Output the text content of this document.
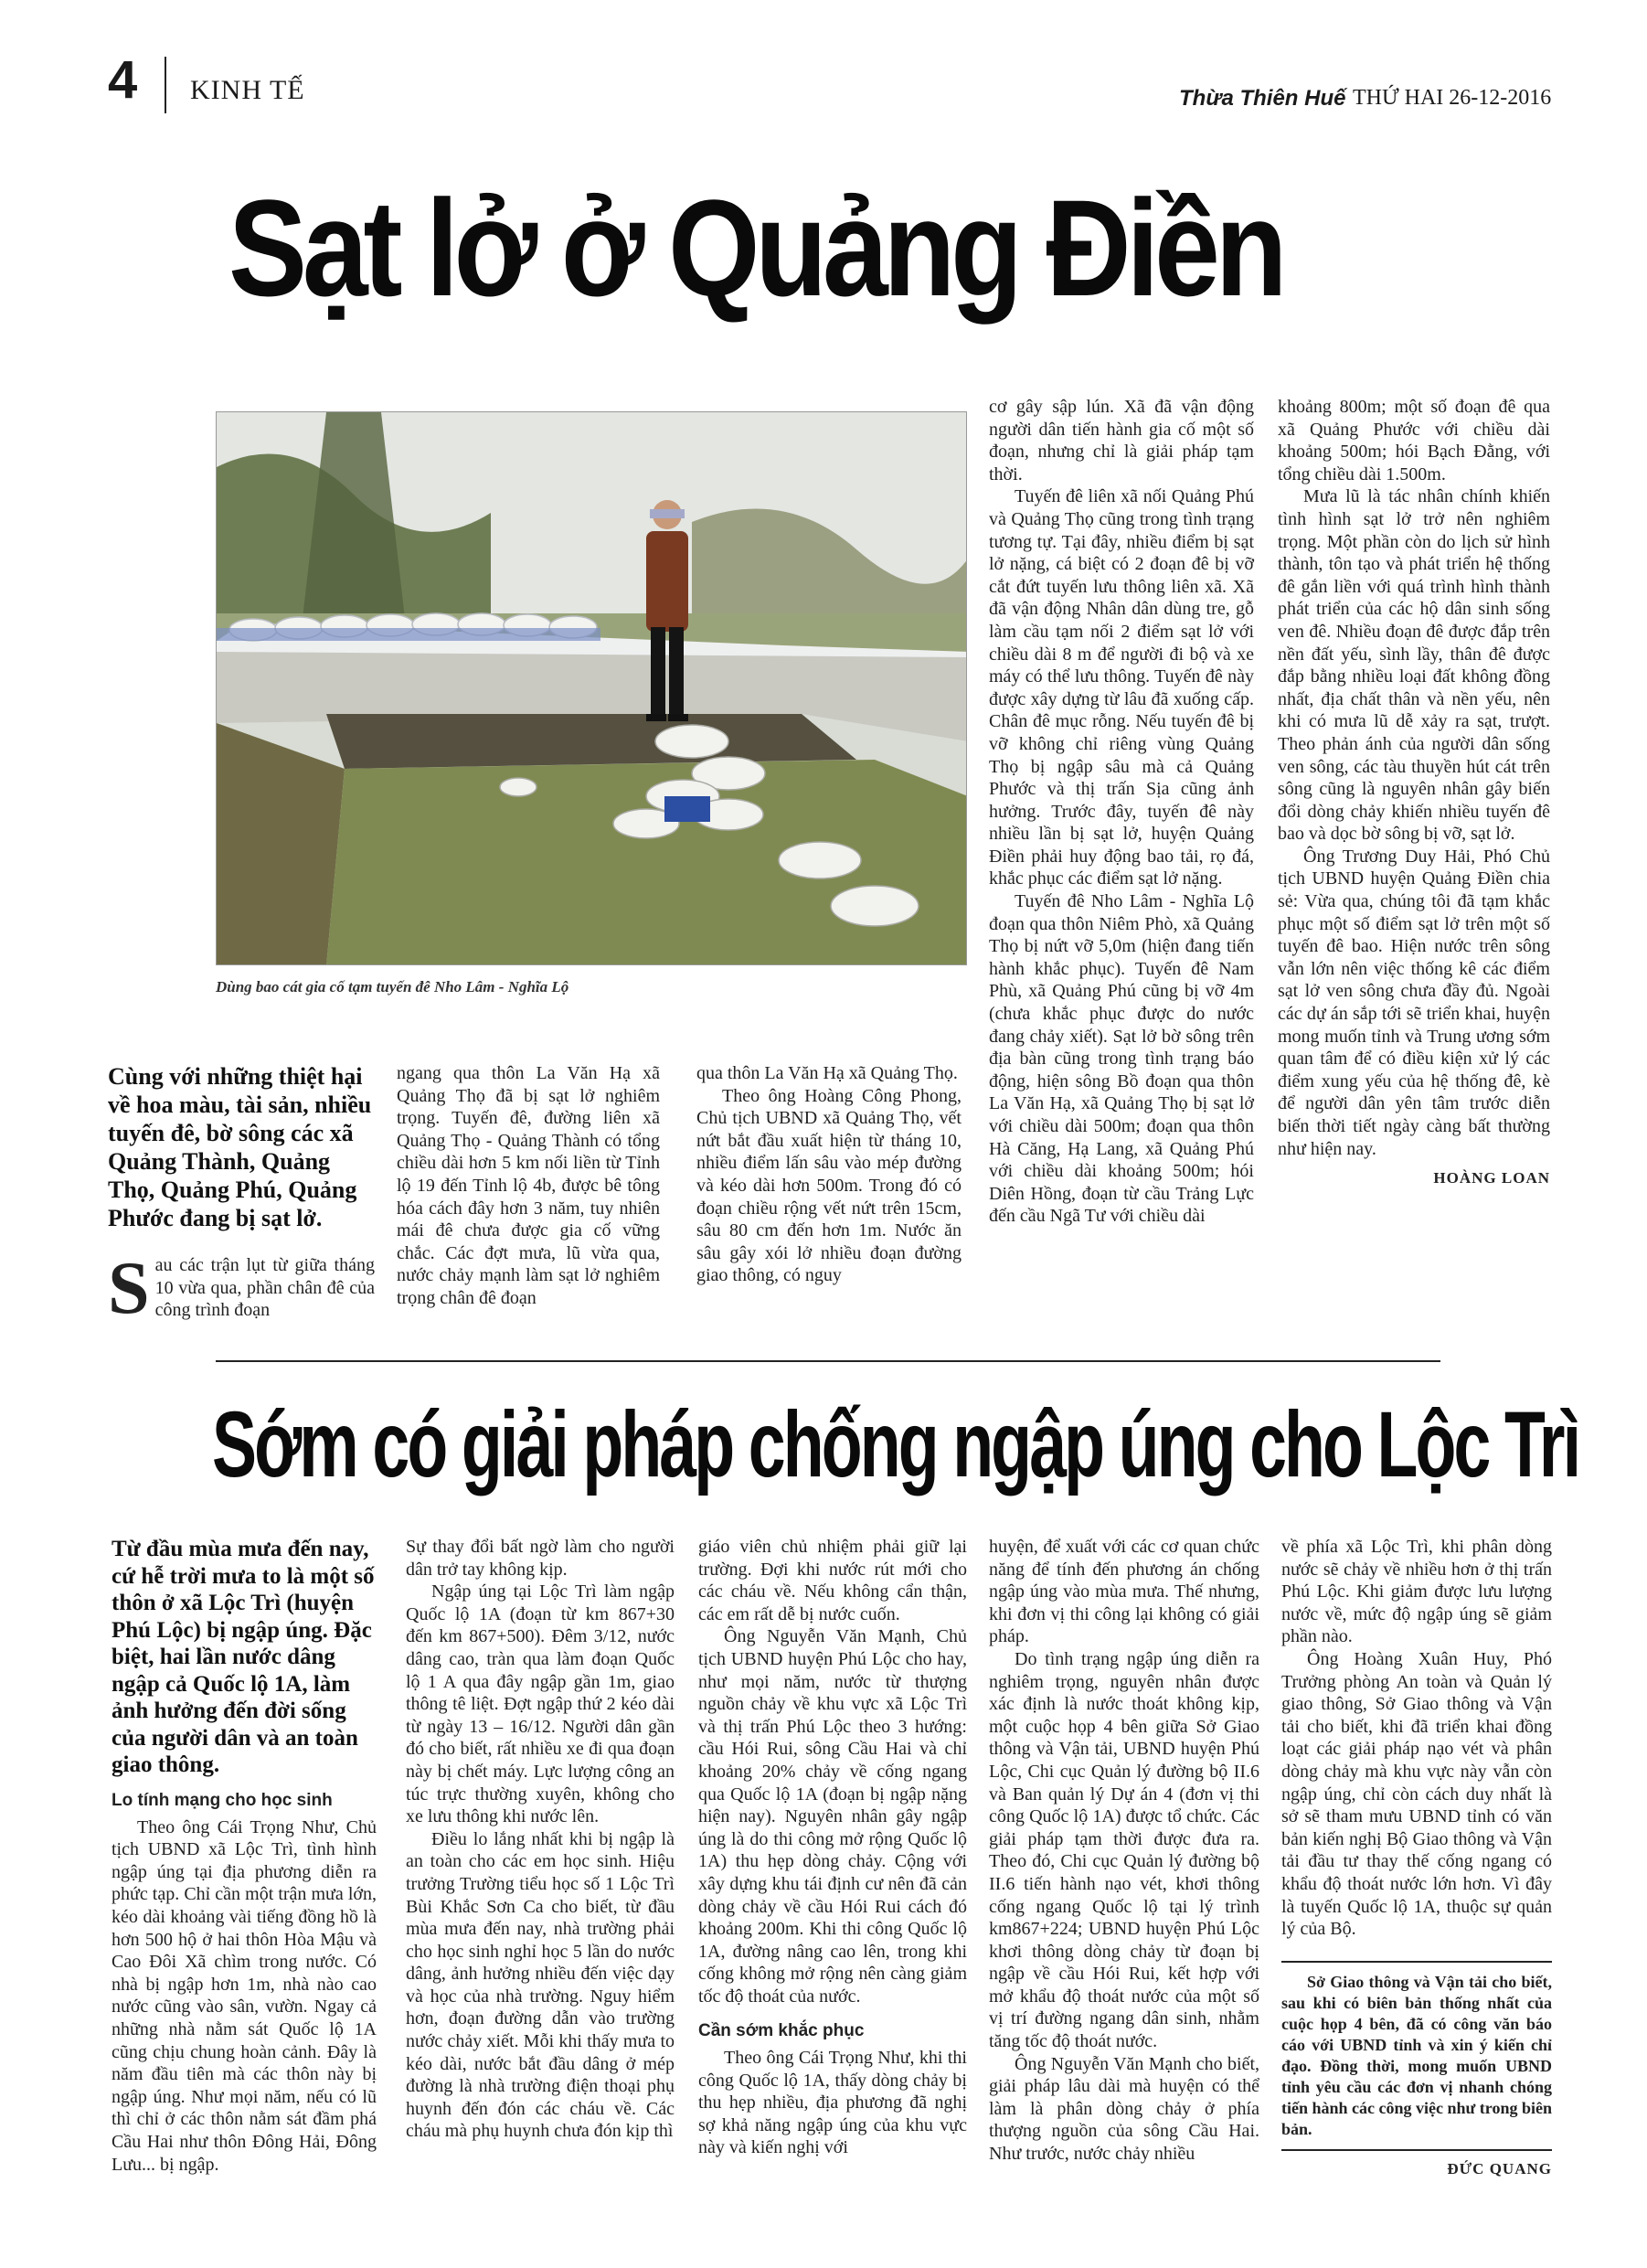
4 KINH TẾ	Thừa Thiên Huế THỨ HAI 26-12-2016
Sạt lở ở Quảng Điền
Dùng bao cát gia cố tạm tuyến đê Nho Lâm - Nghĩa Lộ
Cùng với những thiệt hại về hoa màu, tài sản, nhiều tuyến đê, bờ sông các xã Quảng Thành, Quảng Thọ, Quảng Phú, Quảng Phước đang bị sạt lở.

Sau các trận lụt từ giữa tháng 10 vừa qua, phần chân đê của công trình đoạn

ngang qua thôn La Văn Hạ xã Quảng Thọ đã bị sạt lở nghiêm trọng. Tuyến đê, đường liên xã Quảng Thọ - Quảng Thành có tổng chiều dài hơn 5 km nối liền từ Tỉnh lộ 19 đến Tỉnh lộ 4b, được bê tông hóa cách đây hơn 3 năm, tuy nhiên mái đê chưa được gia cố vững chắc. Các đợt mưa, lũ vừa qua, nước chảy mạnh làm sạt lở nghiêm trọng chân đê đoạn

qua thôn La Văn Hạ xã Quảng Thọ.

Theo ông Hoàng Công Phong, Chủ tịch UBND xã Quảng Thọ, vết nứt bắt đầu xuất hiện từ tháng 10, nhiều điểm lấn sâu vào mép đường và kéo dài hơn 500m. Trong đó có đoạn chiều rộng vết nứt trên 15cm, sâu 80 cm đến hơn 1m. Nước ăn sâu gây xói lở nhiều đoạn đường giao thông, có nguy

cơ gây sập lún. Xã đã vận động người dân tiến hành gia cố một số đoạn, nhưng chỉ là giải pháp tạm thời.

Tuyến đê liên xã nối Quảng Phú và Quảng Thọ cũng trong tình trạng tương tự. Tại đây, nhiều điểm bị sạt lở nặng, cá biệt có 2 đoạn đê bị vỡ cắt đứt tuyến lưu thông liên xã. Xã đã vận động Nhân dân dùng tre, gỗ làm cầu tạm nối 2 điểm sạt lở với chiều dài 8 m để người đi bộ và xe máy có thể lưu thông. Tuyến đê này được xây dựng từ lâu đã xuống cấp. Chân đê mục rỗng. Nếu tuyến đê bị vỡ không chỉ riêng vùng Quảng Thọ bị ngập sâu mà cả Quảng Phước và thị trấn Sịa cũng ảnh hưởng. Trước đây, tuyến đê này nhiều lần bị sạt lở, huyện Quảng Điền phải huy động bao tải, rọ đá, khắc phục các điểm sạt lở nặng.

Tuyến đê Nho Lâm - Nghĩa Lộ đoạn qua thôn Niêm Phò, xã Quảng Thọ bị nứt vỡ 5,0m (hiện đang tiến hành khắc phục). Tuyến đê Nam Phù, xã Quảng Phú cũng bị vỡ 4m (chưa khắc phục được do nước đang chảy xiết). Sạt lở bờ sông trên địa bàn cũng trong tình trạng báo động, hiện sông Bồ đoạn qua thôn La Văn Hạ, xã Quảng Thọ bị sạt lở với chiều dài 500m; đoạn qua thôn Hà Căng, Hạ Lang, xã Quảng Phú với chiều dài khoảng 500m; hói Diên Hồng, đoạn từ cầu Trảng Lực đến cầu Ngã Tư với chiều dài

khoảng 800m; một số đoạn đê qua xã Quảng Phước với chiều dài khoảng 500m; hói Bạch Đằng, với tổng chiều dài 1.500m.

Mưa lũ là tác nhân chính khiến tình hình sạt lở trở nên nghiêm trọng. Một phần còn do lịch sử hình thành, tôn tạo và phát triển hệ thống đê gắn liền với quá trình hình thành phát triển của các hộ dân sinh sống ven đê. Nhiều đoạn đê được đắp trên nền đất yếu, sình lầy, thân đê được đắp bằng nhiều loại đất không đồng nhất, địa chất thân và nền yếu, nên khi có mưa lũ dễ xảy ra sạt, trượt. Theo phản ánh của người dân sống ven sông, các tàu thuyền hút cát trên sông cũng là nguyên nhân gây biến đổi dòng chảy khiến nhiều tuyến đê bao và dọc bờ sông bị vỡ, sạt lở.

Ông Trương Duy Hải, Phó Chủ tịch UBND huyện Quảng Điền chia sẻ: Vừa qua, chúng tôi đã tạm khắc phục một số điểm sạt lở trên một số tuyến đê bao. Hiện nước trên sông vẫn lớn nên việc thống kê các điểm sạt lở ven sông chưa đầy đủ. Ngoài các dự án sắp tới sẽ triển khai, huyện mong muốn tỉnh và Trung ương sớm quan tâm để có điều kiện xử lý các điểm xung yếu của hệ thống đê, kè để người dân yên tâm trước diễn biến thời tiết ngày càng bất thường như hiện nay.

HOÀNG LOAN

Sớm có giải pháp chống ngập úng cho Lộc Trì
Từ đầu mùa mưa đến nay, cứ hễ trời mưa to là một số thôn ở xã Lộc Trì (huyện Phú Lộc) bị ngập úng. Đặc biệt, hai lần nước dâng ngập cả Quốc lộ 1A, làm ảnh hưởng đến đời sống của người dân và an toàn giao thông.

Lo tính mạng cho học sinh

Theo ông Cái Trọng Như, Chủ tịch UBND xã Lộc Trì, tình hình ngập úng tại địa phương diễn ra phức tạp. Chỉ cần một trận mưa lớn, kéo dài khoảng vài tiếng đồng hồ là hơn 500 hộ ở hai thôn Hòa Mậu và Cao Đôi Xã chìm trong nước. Có nhà bị ngập hơn 1m, nhà nào cao nước cũng vào sân, vườn. Ngay cả những nhà nằm sát Quốc lộ 1A cũng chịu chung hoàn cảnh. Đây là năm đầu tiên mà các thôn này bị ngập úng. Như mọi năm, nếu có lũ thì chỉ ở các thôn nằm sát đầm phá Cầu Hai như thôn Đông Hải, Đông Lưu... bị ngập.

Sự thay đổi bất ngờ làm cho người dân trở tay không kịp.

Ngập úng tại Lộc Trì làm ngập Quốc lộ 1A (đoạn từ km 867+30 đến km 867+500). Đêm 3/12, nước dâng cao, tràn qua làm đoạn Quốc lộ 1 A qua đây ngập gần 1m, giao thông tê liệt. Đợt ngập thứ 2 kéo dài từ ngày 13 – 16/12. Người dân gần đó cho biết, rất nhiều xe đi qua đoạn này bị chết máy. Lực lượng công an túc trực thường xuyên, không cho xe lưu thông khi nước lên.

Điều lo lắng nhất khi bị ngập là an toàn cho các em học sinh. Hiệu trưởng Trường tiểu học số 1 Lộc Trì Bùi Khắc Sơn Ca cho biết, từ đầu mùa mưa đến nay, nhà trường phải cho học sinh nghỉ học 5 lần do nước dâng, ảnh hưởng nhiều đến việc dạy và học của nhà trường. Nguy hiểm hơn, đoạn đường dẫn vào trường nước chảy xiết. Mỗi khi thấy mưa to kéo dài, nước bắt đầu dâng ở mép đường là nhà trường điện thoại phụ huynh đến đón các cháu về. Các cháu mà phụ huynh chưa đón kịp thì

giáo viên chủ nhiệm phải giữ lại trường. Đợi khi nước rút mới cho các cháu về. Nếu không cẩn thận, các em rất dễ bị nước cuốn.

Ông Nguyễn Văn Mạnh, Chủ tịch UBND huyện Phú Lộc cho hay, như mọi năm, nước từ thượng nguồn chảy về khu vực xã Lộc Trì và thị trấn Phú Lộc theo 3 hướng: cầu Hói Rui, sông Cầu Hai và chỉ khoảng 20% chảy về cống ngang qua Quốc lộ 1A (đoạn bị ngập nặng hiện nay). Nguyên nhân gây ngập úng là do thi công mở rộng Quốc lộ 1A) thu hẹp dòng chảy. Cộng với xây dựng khu tái định cư nên đã cản dòng chảy về cầu Hói Rui cách đó khoảng 200m. Khi thi công Quốc lộ 1A, đường nâng cao lên, trong khi cống không mở rộng nên càng giảm tốc độ thoát của nước.

Cần sớm khắc phục

Theo ông Cái Trọng Như, khi thi công Quốc lộ 1A, thấy dòng chảy bị thu hẹp nhiều, địa phương đã nghị sợ khả năng ngập úng của khu vực này và kiến nghị với

huyện, để xuất với các cơ quan chức năng để tính đến phương án chống ngập úng vào mùa mưa. Thế nhưng, khi đơn vị thi công lại không có giải pháp.

Do tình trạng ngập úng diễn ra nghiêm trọng, nguyên nhân được xác định là nước thoát không kịp, một cuộc họp 4 bên giữa Sở Giao thông và Vận tải, UBND huyện Phú Lộc, Chi cục Quản lý đường bộ II.6 và Ban quản lý Dự án 4 (đơn vị thi công Quốc lộ 1A) được tổ chức. Các giải pháp tạm thời được đưa ra. Theo đó, Chi cục Quản lý đường bộ II.6 tiến hành nạo vét, khơi thông cống ngang Quốc lộ tại lý trình km867+224; UBND huyện Phú Lộc khơi thông dòng chảy từ đoạn bị ngập về cầu Hói Rui, kết hợp với mở khẩu độ thoát nước của một số vị trí đường ngang dân sinh, nhằm tăng tốc độ thoát nước.

Ông Nguyễn Văn Mạnh cho biết, giải pháp lâu dài mà huyện có thể làm là phân dòng chảy ở phía thượng nguồn của sông Cầu Hai. Như trước, nước chảy nhiều

về phía xã Lộc Trì, khi phân dòng nước sẽ chảy về nhiều hơn ở thị trấn Phú Lộc. Khi giảm được lưu lượng nước về, mức độ ngập úng sẽ giảm phần nào.

Ông Hoàng Xuân Huy, Phó Trưởng phòng An toàn và Quản lý giao thông, Sở Giao thông và Vận tải cho biết, khi đã triển khai đồng loạt các giải pháp nạo vét và phân dòng chảy mà khu vực này vẫn còn ngập úng, chỉ còn cách duy nhất là sở sẽ tham mưu UBND tỉnh có văn bản kiến nghị Bộ Giao thông và Vận tải đầu tư thay thế cống ngang có khẩu độ thoát nước lớn hơn. Vì đây là tuyến Quốc lộ 1A, thuộc sự quản lý của Bộ.

Sở Giao thông và Vận tải cho biết, sau khi có biên bản thống nhất của cuộc họp 4 bên, đã có công văn báo cáo với UBND tỉnh và xin ý kiến chỉ đạo. Đồng thời, mong muốn UBND tỉnh yêu cầu các đơn vị nhanh chóng tiến hành các công việc như trong biên bản.

ĐỨC QUANG
